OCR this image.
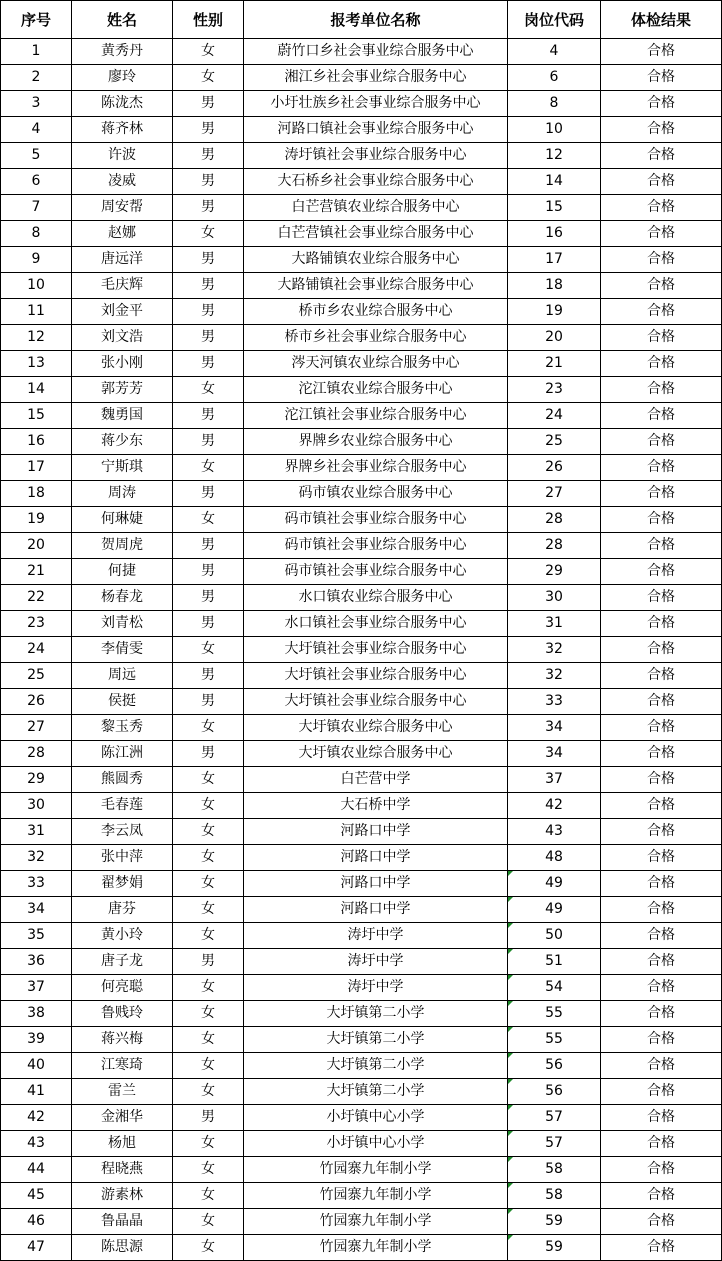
序号	姓名	性别	报考单位名称	岗位代码	体检结果
1	黄秀丹	女	蔚竹口乡社会事业综合服务中心	4	合格
2	廖玲	女	湘江乡社会事业综合服务中心	6	合格
3	陈泷杰	男	小圩壮族乡社会事业综合服务中心	8	合格
4	蒋齐林	男	河路口镇社会事业综合服务中心	10	合格
5	许波	男	涛圩镇社会事业综合服务中心	12	合格
6	凌威	男	大石桥乡社会事业综合服务中心	14	合格
7	周安帮	男	白芒营镇农业综合服务中心	15	合格
8	赵娜	女	白芒营镇社会事业综合服务中心	16	合格
9	唐远洋	男	大路铺镇农业综合服务中心	17	合格
10	毛庆辉	男	大路铺镇社会事业综合服务中心	18	合格
11	刘金平	男	桥市乡农业综合服务中心	19	合格
12	刘文浩	男	桥市乡社会事业综合服务中心	20	合格
13	张小刚	男	涔天河镇农业综合服务中心	21	合格
14	郭芳芳	女	沱江镇农业综合服务中心	23	合格
15	魏勇国	男	沱江镇社会事业综合服务中心	24	合格
16	蒋少东	男	界牌乡农业综合服务中心	25	合格
17	宁斯琪	女	界牌乡社会事业综合服务中心	26	合格
18	周涛	男	码市镇农业综合服务中心	27	合格
19	何琳婕	女	码市镇社会事业综合服务中心	28	合格
20	贺周虎	男	码市镇社会事业综合服务中心	28	合格
21	何捷	男	码市镇社会事业综合服务中心	29	合格
22	杨春龙	男	水口镇农业综合服务中心	30	合格
23	刘青松	男	水口镇社会事业综合服务中心	31	合格
24	李倩雯	女	大圩镇社会事业综合服务中心	32	合格
25	周远	男	大圩镇社会事业综合服务中心	32	合格
26	侯挺	男	大圩镇社会事业综合服务中心	33	合格
27	黎玉秀	女	大圩镇农业综合服务中心	34	合格
28	陈江洲	男	大圩镇农业综合服务中心	34	合格
29	熊圆秀	女	白芒营中学	37	合格
30	毛春莲	女	大石桥中学	42	合格
31	李云凤	女	河路口中学	43	合格
32	张中萍	女	河路口中学	48	合格
33	翟梦娟	女	河路口中学	49	合格
34	唐芬	女	河路口中学	49	合格
35	黄小玲	女	涛圩中学	50	合格
36	唐子龙	男	涛圩中学	51	合格
37	何亮聪	女	涛圩中学	54	合格
38	鲁贱玲	女	大圩镇第二小学	55	合格
39	蒋兴梅	女	大圩镇第二小学	55	合格
40	江寒琦	女	大圩镇第二小学	56	合格
41	雷兰	女	大圩镇第二小学	56	合格
42	金湘华	男	小圩镇中心小学	57	合格
43	杨旭	女	小圩镇中心小学	57	合格
44	程晓燕	女	竹园寨九年制小学	58	合格
45	游素林	女	竹园寨九年制小学	58	合格
46	鲁晶晶	女	竹园寨九年制小学	59	合格
47	陈思源	女	竹园寨九年制小学	59	合格
